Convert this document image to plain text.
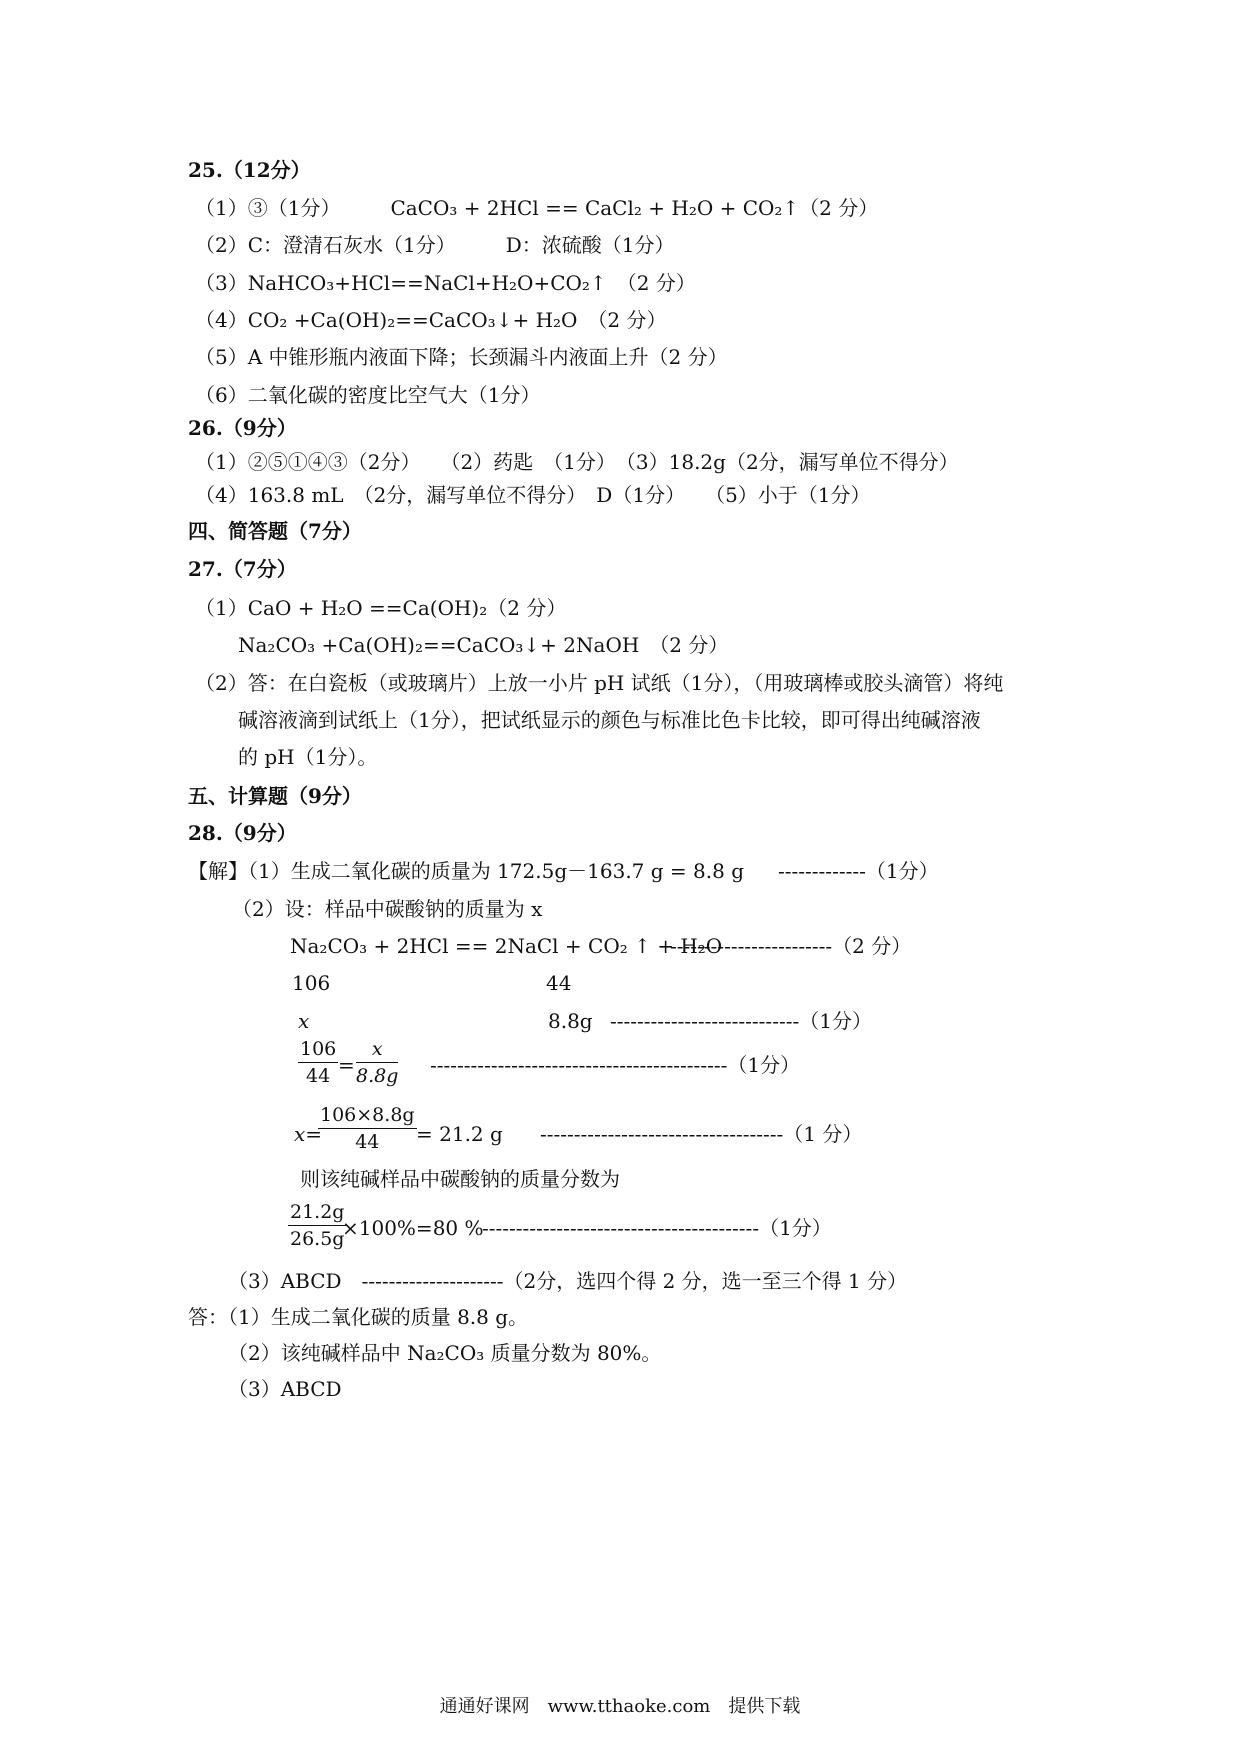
25.（12分）
（1）③（1分）　　　CaCO₃ + 2HCl == CaCl₂ + H₂O + CO₂↑（2 分）
（2）C：澄清石灰水（1分）　　　D：浓硫酸（1分）
（3）NaHCO₃+HCl==NaCl+H₂O+CO₂↑　（2 分）
（4）CO₂ +Ca(OH)₂==CaCO₃↓+ H₂O　（2 分）
（5）A 中锥形瓶内液面下降；长颈漏斗内液面上升（2 分）
（6）二氧化碳的密度比空气大（1分）
26.（9分）
（1）②⑤①④③（2分）　　（2）药匙　（1分）　（3）18.2g（2分，漏写单位不得分）
（4）163.8 mL　（2分，漏写单位不得分）　D（1分）　　（5）小于（1分）
四、简答题（7分）
27.（7分）
（1）CaO + H₂O ==Ca(OH)₂（2 分）
Na₂CO₃ +Ca(OH)₂==CaCO₃↓+ 2NaOH　（2 分）
（2）答：在白瓷板（或玻璃片）上放一小片 pH 试纸（1分），（用玻璃棒或胶头滴管）将纯
碱溶液滴到试纸上（1分），把试纸显示的颜色与标准比色卡比较，即可得出纯碱溶液
的 pH（1分）。
五、计算题（9分）
28.（9分）
【解】（1）生成二氧化碳的质量为 172.5g－163.7 g = 8.8 g -------------（1分）
（2）设：样品中碳酸钠的质量为 x
Na₂CO₃ + 2HCl == 2NaCl + CO₂ ↑ + H₂O
------------------------（2 分）
106	44
x	8.8g ----------------------------（1分）
$\frac{106}{44} = \frac{x}{8.8g} --------------------------------------------(1$分）
x=
$\frac{106\times 8.8g}{44} = 21.2$ g ------------------------------------（1 分）
则该纯碱样品中碳酸钠的质量分数为
$\frac{21.2g}{26.5g}$
×100%=80 %
-----------------------------------------（1分）
（3）ABCD　---------------------（2分，选四个得 2 分，选一至三个得 1 分）
答：（1）生成二氧化碳的质量 8.8 g。
（2）该纯碱样品中 Na₂CO₃ 质量分数为 80%。
（3）ABCD
通通好课网　www.tthaoke.com　提供下载
